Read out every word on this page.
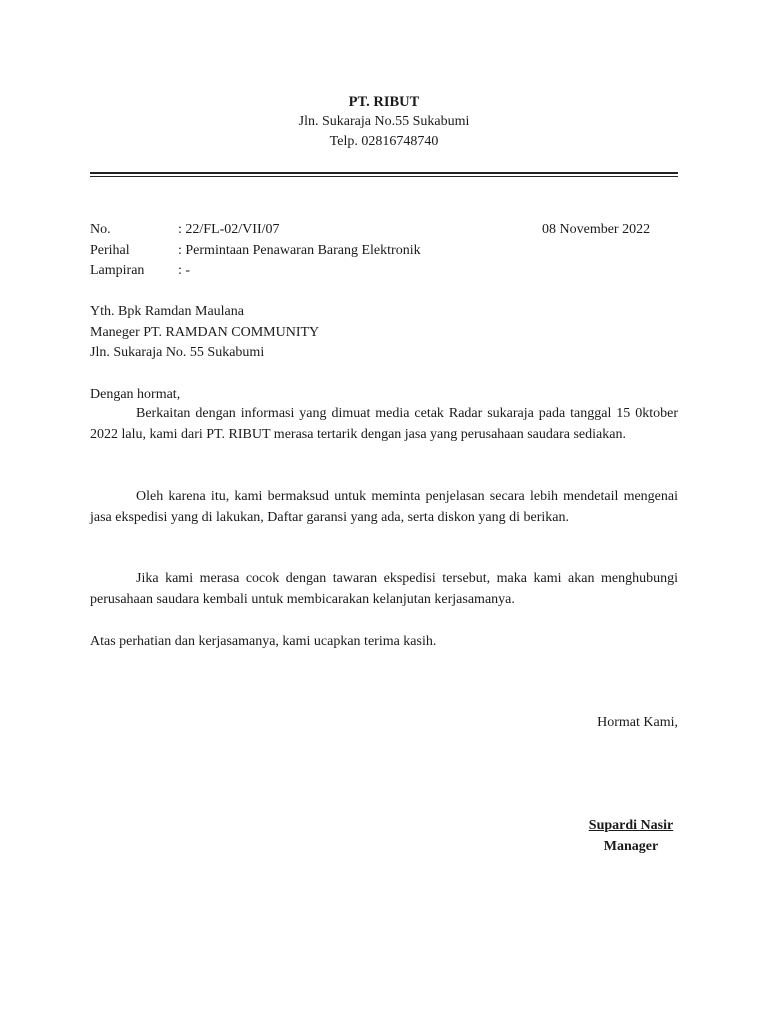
PT. RIBUT
Jln. Sukaraja No.55 Sukabumi
Telp. 02816748740
No.	: 22/FL-02/VII/07
Perihal	: Permintaan Penawaran Barang Elektronik
Lampiran	: -
08 November 2022
Yth. Bpk Ramdan Maulana
Maneger PT. RAMDAN COMMUNITY
Jln. Sukaraja No. 55 Sukabumi
Dengan hormat,

Berkaitan dengan informasi yang dimuat media cetak Radar sukaraja pada tanggal 15 0ktober 2022 lalu, kami dari PT. RIBUT merasa tertarik dengan jasa yang perusahaan saudara sediakan.

Oleh karena itu, kami bermaksud untuk meminta penjelasan secara lebih mendetail mengenai jasa ekspedisi yang di lakukan, Daftar garansi yang ada, serta diskon yang di berikan.

Jika kami merasa cocok dengan tawaran ekspedisi tersebut, maka kami akan menghubungi perusahaan saudara kembali untuk membicarakan kelanjutan kerjasamanya.

Atas perhatian dan kerjasamanya, kami ucapkan terima kasih.

Hormat Kami,
Supardi Nasir
Manager
